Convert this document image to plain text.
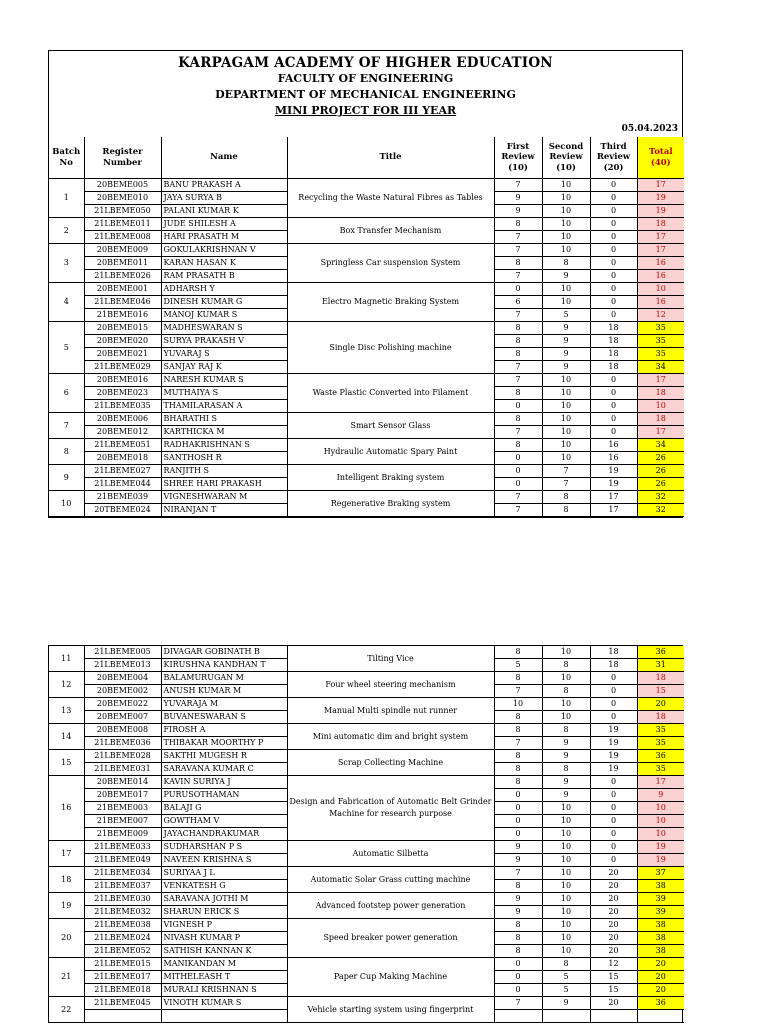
KARPAGAM ACADEMY OF HIGHER EDUCATION
FACULTY OF ENGINEERING
DEPARTMENT OF MECHANICAL ENGINEERING
MINI PROJECT FOR III YEAR
05.04.2023
Batch No	Register Number	Name	Title	First Review (10)	Second Review (10)	Third Review (20)	Total (40)
1	20BEME005	BANU PRAKASH A	Recycling the Waste Natural Fibres as Tables	7	10	0	17
	20BEME010	JAYA SURYA B		9	10	0	19
	21LBEME050	PALANI KUMAR K		9	10	0	19
2	21LBEME011	JUDE SHILESH A	Box Transfer Mechanism	8	10	0	18
	21LBEME008	HARI PRASATH M		7	10	0	17
3	20BEME009	GOKULAKRISHNAN V	Springless Car suspension System	7	10	0	17
	20BEME011	KARAN HASAN K		8	8	0	16
	21LBEME026	RAM PRASATH B		7	9	0	16
4	20BEME001	ADHARSH Y	Electro Magnetic Braking System	0	10	0	10
	21LBEME046	DINESH KUMAR G		6	10	0	16
	21BEME016	MANOJ KUMAR S		7	5	0	12
5	20BEME015	MADHESWARAN S	Single Disc Polishing machine	8	9	18	35
	20BEME020	SURYA PRAKASH V		8	9	18	35
	20BEME021	YUVARAJ S		8	9	18	35
	21LBEME029	SANJAY RAJ K		7	9	18	34
6	20BEME016	NARESH KUMAR S	Waste Plastic Converted into Filament	7	10	0	17
	20BEME023	MUTHAIYA S		8	10	0	18
	21LBEME035	THAMILARASAN A		0	10	0	10
7	20BEME006	BHARATHI S	Smart Sensor Glass	8	10	0	18
	20BEME012	KARTHICKA M		7	10	0	17
8	21LBEME051	RADHAKRISHNAN S	Hydraulic Automatic Spary Paint	8	10	16	34
	20BEME018	SANTHOSH R		0	10	16	26
9	21LBEME027	RANJITH S	Intelligent Braking system	0	7	19	26
	21LBEME044	SHREE HARI PRAKASH		0	7	19	26
10	21BEME039	VIGNESHWARAN M	Regenerative Braking system	7	8	17	32
	20TBEME024	NIRANJAN T		7	8	17	32
11	21LBEME005	DIVAGAR GOBINATH B	Tilting Vice	8	10	18	36
	21LBEME013	KIRUSHNA KANDHAN T		5	8	18	31
12	20BEME004	BALAMURUGAN M	Four wheel steering mechanism	8	10	0	18
	20BEME002	ANUSH KUMAR M		7	8	0	15
13	20BEME022	YUVARAJA M	Manual Multi spindle nut runner	10	10	0	20
	20BEME007	BUVANESWARAN S		8	10	0	18
14	20BEME008	FIROSH A	Mini automatic dim and bright system	8	8	19	35
	21LBEME036	THIBAKAR MOORTHY P		7	9	19	35
15	21LBEME028	SAKTHI MUGESH R	Scrap Collecting Machine	8	9	19	36
	21LBEME031	SARAVANA KUMAR C		8	8	19	35
16	20BEME014	KAVIN SURIYA J	Design and Fabrication of Automatic Belt Grinder Machine for research purpose	8	9	0	17
	20BEME017	PURUSOTHAMAN		0	9	0	9
	21BEME003	BALAJI G		0	10	0	10
	21BEME007	GOWTHAM V		0	10	0	10
	21BEME009	JAYACHANDRAKUMAR		0	10	0	10
17	21LBEME033	SUDHARSHAN P S	Automatic Silbetta	9	10	0	19
	21LBEME049	NAVEEN KRISHNA S		9	10	0	19
18	21LBEME034	SURIYAA J L	Automatic Solar Grass cutting machine	7	10	20	37
	21LBEME037	VENKATESH G		8	10	20	38
19	21LBEME030	SARAVANA JOTHI M	Advanced footstep power generation	9	10	20	39
	21LBEME032	SHARUN ERICK S		9	10	20	39
20	21LBEME038	VIGNESH P	Speed breaker power generation	8	10	20	38
	21LBEME024	NIVASH KUMAR P		8	10	20	38
	21LBEME052	SATHISH KANNAN K		8	10	20	38
21	21LBEME015	MANIKANDAN M	Paper Cup Making Machine	0	8	12	20
	21LBEME017	MITHELEASH T		0	5	15	20
	21LBEME018	MURALI KRISHNAN S		0	5	15	20
22	21LBEME045	VINOTH KUMAR S	Vehicle starting system using fingerprint	7	9	20	36
